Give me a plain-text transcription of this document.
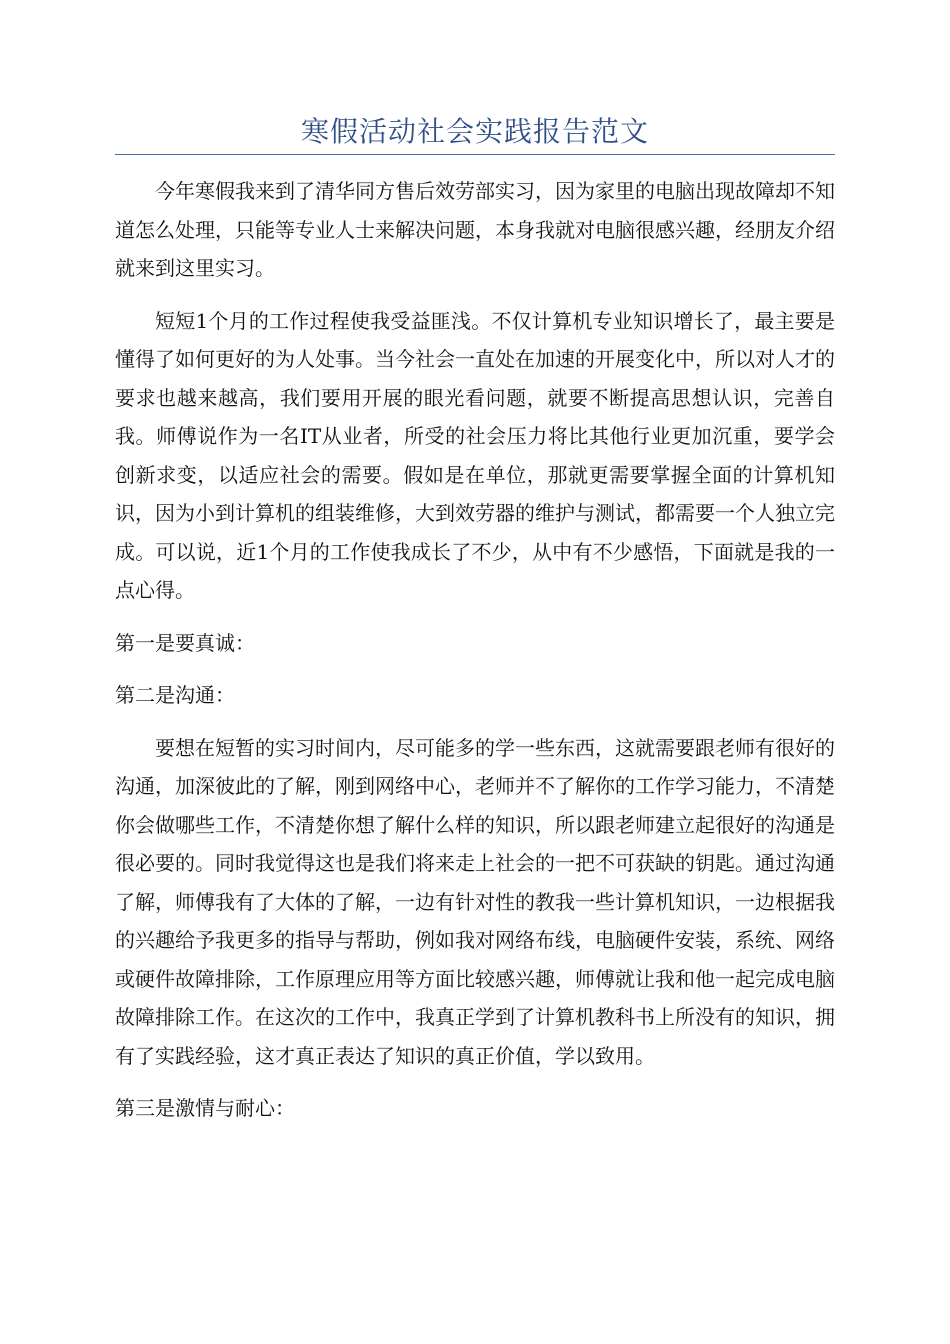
寒假活动社会实践报告范文

今年寒假我来到了清华同方售后效劳部实习，因为家里的电脑出现故障却不知道怎么处理，只能等专业人士来解决问题，本身我就对电脑很感兴趣，经朋友介绍就来到这里实习。

短短1个月的工作过程使我受益匪浅。不仅计算机专业知识增长了，最主要是懂得了如何更好的为人处事。当今社会一直处在加速的开展变化中，所以对人才的要求也越来越高，我们要用开展的眼光看问题，就要不断提高思想认识，完善自我。师傅说作为一名IT从业者，所受的社会压力将比其他行业更加沉重，要学会创新求变，以适应社会的需要。假如是在单位，那就更需要掌握全面的计算机知识，因为小到计算机的组装维修，大到效劳器的维护与测试，都需要一个人独立完成。可以说，近1个月的工作使我成长了不少，从中有不少感悟，下面就是我的一点心得。

第一是要真诚：

第二是沟通：

要想在短暂的实习时间内，尽可能多的学一些东西，这就需要跟老师有很好的沟通，加深彼此的了解，刚到网络中心，老师并不了解你的工作学习能力，不清楚你会做哪些工作，不清楚你想了解什么样的知识，所以跟老师建立起很好的沟通是很必要的。同时我觉得这也是我们将来走上社会的一把不可获缺的钥匙。通过沟通了解，师傅我有了大体的了解，一边有针对性的教我一些计算机知识，一边根据我的兴趣给予我更多的指导与帮助，例如我对网络布线，电脑硬件安装，系统、网络或硬件故障排除，工作原理应用等方面比较感兴趣，师傅就让我和他一起完成电脑故障排除工作。在这次的工作中，我真正学到了计算机教科书上所没有的知识，拥有了实践经验，这才真正表达了知识的真正价值，学以致用。

第三是激情与耐心：
